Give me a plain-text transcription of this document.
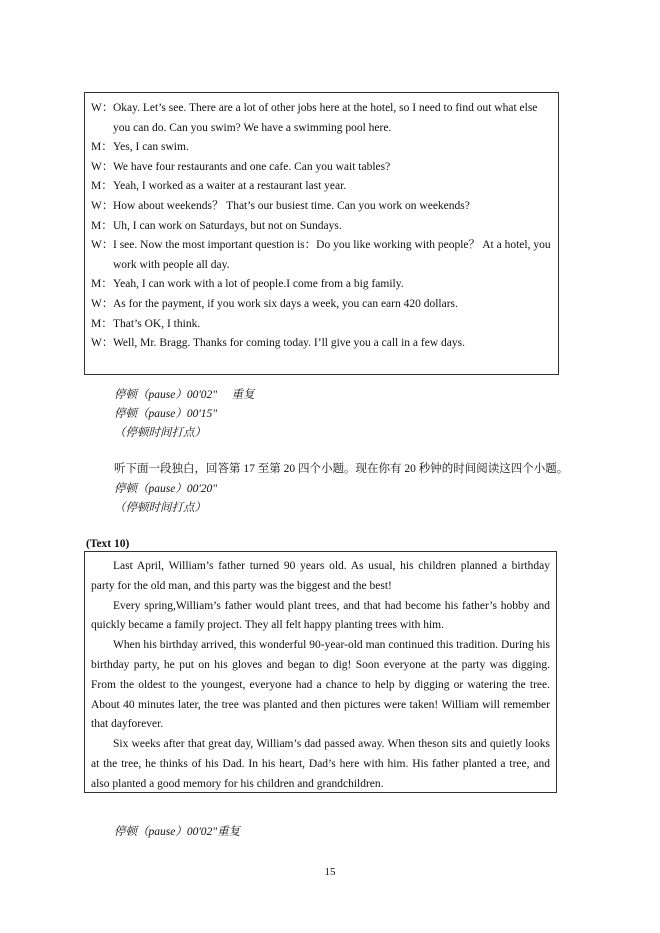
W： Okay. Let’s see. There are a lot of other jobs here at the hotel, so I need to find out what else
you can do. Can you swim? We have a swimming pool here.
M： Yes, I can swim.
W： We have four restaurants and one cafe. Can you wait tables?
M： Yeah, I worked as a waiter at a restaurant last year.
W： How about weekends？ That’s our busiest time. Can you work on weekends?
M： Uh, I can work on Saturdays, but not on Sundays.
W： I see. Now the most important question is：Do you like working with people？ At a hotel, you
work with people all day.
M： Yeah, I can work with a lot of people.I come from a big family.
W： As for the payment, if you work six days a week, you can earn 420 dollars.
M： That’s OK, I think.
W： Well, Mr. Bragg. Thanks for coming today. I’ll give you a call in a few days.
停顿（pause）00'02"　 重复
停顿（pause）00'15"
（停顿时间打点）
听下面一段独白，回答第 17 至第 20 四个小题。现在你有 20 秒钟的时间阅读这四个小题。
停顿（pause）00'20"
（停顿时间打点）
(Text 10)

Last April, William’s father turned 90 years old. As usual, his children planned a birthday party for the old man, and this party was the biggest and the best!

Every spring,William’s father would plant trees, and that had become his father’s hobby and quickly became a family project. They all felt happy planting trees with him.

When his birthday arrived, this wonderful 90-year-old man continued this tradition. During his birthday party, he put on his gloves and began to dig! Soon everyone at the party was digging. From the oldest to the youngest, everyone had a chance to help by digging or watering the tree. About 40 minutes later, the tree was planted and then pictures were taken! William will remember that dayforever.

Six weeks after that great day, William’s dad passed away. When theson sits and quietly looks at the tree, he thinks of his Dad. In his heart, Dad’s here with him. His father planted a tree, and also planted a good memory for his children and grandchildren.

停顿（pause）00'02"重复
15
